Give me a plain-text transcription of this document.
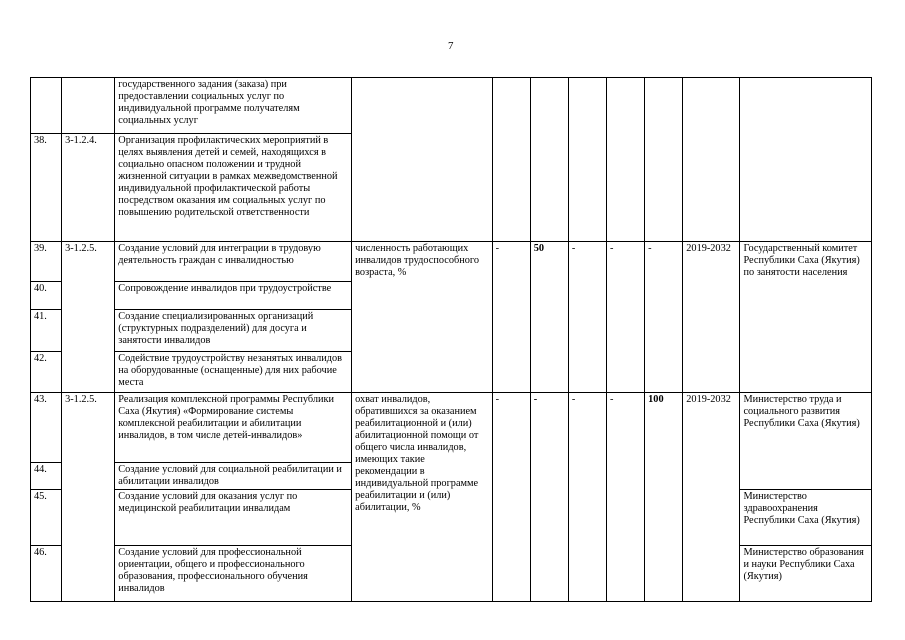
7
		государственного задания (заказа) при предоставлении социальных услуг по индивидуальной программе получателям социальных услуг								
38.	3-1.2.4.	Организация профилактических мероприятий в целях выявления детей и семей, находящихся в социально опасном положении и трудной жизненной ситуации в рамках межведомственной индивидуальной профилактической работы посредством оказания им социальных услуг по повышению родительской ответственности								
39.	3-1.2.5.	Создание условий для интеграции в трудовую деятельность граждан с инвалидностью	численность работающих инвалидов трудоспособного возраста, %	-	50	-	-	-	2019-2032	Государственный комитет Республики Саха (Якутия) по занятости населения
40.		Сопровождение инвалидов при трудоустройстве								
41.		Создание специализированных организаций (структурных подразделений) для досуга и занятости инвалидов								
42.		Содействие трудоустройству незанятых инвалидов на оборудованные (оснащенные) для них рабочие места								
43.	3-1.2.5.	Реализация комплексной программы Республики Саха (Якутия) «Формирование системы комплексной реабилитации и абилитации инвалидов, в том числе детей-инвалидов»	охват инвалидов, обратившихся за оказанием реабилитационной и (или) абилитационной помощи от общего числа инвалидов, имеющих такие рекомендации в индивидуальной программе реабилитации и (или) абилитации, %	-	-	-	-	100	2019-2032	Министерство труда и социального развития Республики Саха (Якутия)
44.		Создание условий для социальной реабилитации и абилитации инвалидов								
45.		Создание условий для оказания услуг по медицинской реабилитации инвалидам								Министерство здравоохранения Республики Саха (Якутия)
46.		Создание условий для профессиональной ориентации, общего и профессионального образования, профессионального обучения инвалидов								Министерство образования и науки Республики Саха (Якутия)
